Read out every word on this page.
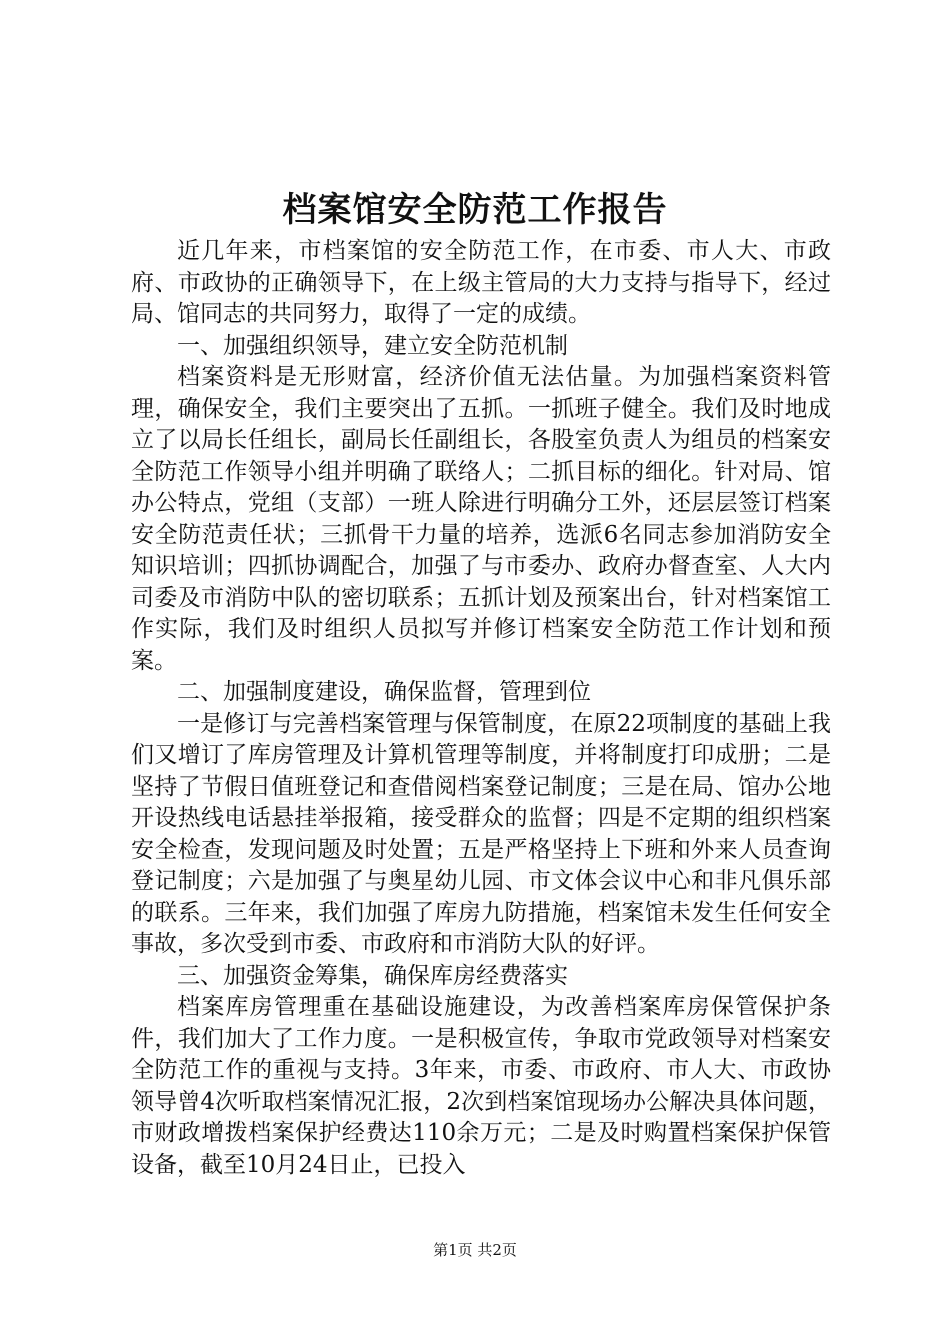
档案馆安全防范工作报告

近几年来，市档案馆的安全防范工作，在市委、市人大、市政府、市政协的正确领导下，在上级主管局的大力支持与指导下，经过局、馆同志的共同努力，取得了一定的成绩。

一、加强组织领导，建立安全防范机制

档案资料是无形财富，经济价值无法估量。为加强档案资料管理，确保安全，我们主要突出了五抓。一抓班子健全。我们及时地成立了以局长任组长，副局长任副组长，各股室负责人为组员的档案安全防范工作领导小组并明确了联络人；二抓目标的细化。针对局、馆办公特点，党组（支部）一班人除进行明确分工外，还层层签订档案安全防范责任状；三抓骨干力量的培养，选派6名同志参加消防安全知识培训；四抓协调配合，加强了与市委办、政府办督查室、人大内司委及市消防中队的密切联系；五抓计划及预案出台，针对档案馆工作实际，我们及时组织人员拟写并修订档案安全防范工作计划和预案。

二、加强制度建设，确保监督，管理到位

一是修订与完善档案管理与保管制度，在原22项制度的基础上我们又增订了库房管理及计算机管理等制度，并将制度打印成册；二是坚持了节假日值班登记和查借阅档案登记制度；三是在局、馆办公地开设热线电话悬挂举报箱，接受群众的监督；四是不定期的组织档案安全检查，发现问题及时处置；五是严格坚持上下班和外来人员查询登记制度；六是加强了与奥星幼儿园、市文体会议中心和非凡俱乐部的联系。三年来，我们加强了库房九防措施，档案馆未发生任何安全事故，多次受到市委、市政府和市消防大队的好评。

三、加强资金筹集，确保库房经费落实

档案库房管理重在基础设施建设，为改善档案库房保管保护条件，我们加大了工作力度。一是积极宣传，争取市党政领导对档案安全防范工作的重视与支持。3年来，市委、市政府、市人大、市政协领导曾4次听取档案情况汇报，2次到档案馆现场办公解决具体问题，市财政增拨档案保护经费达110余万元；二是及时购置档案保护保管设备，截至10月24日止，已投入

第1页 共2页
